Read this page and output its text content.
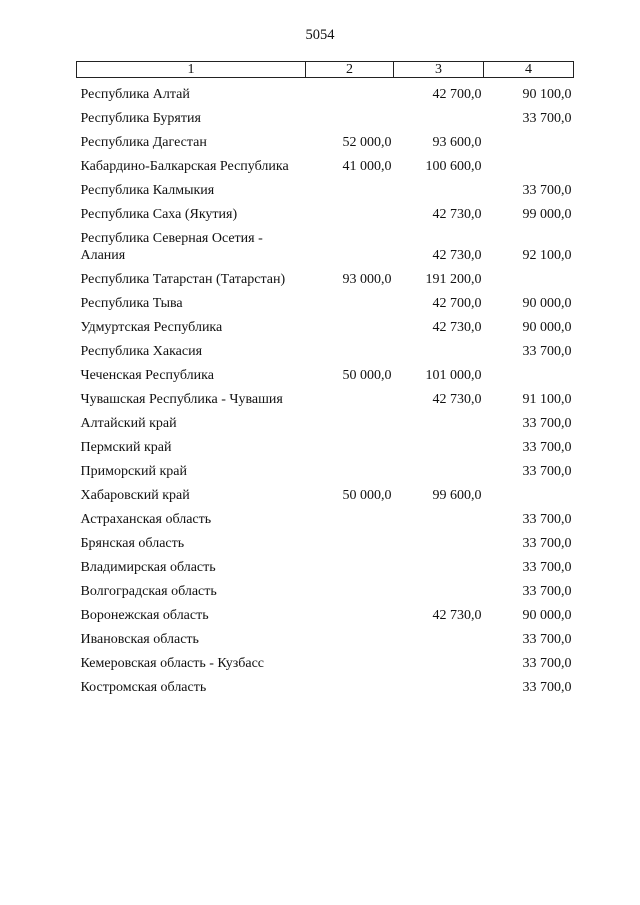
5054
1	2	3	4

Республика Алтай		42 700,0	90 100,0
Республика Бурятия			33 700,0
Республика Дагестан	52 000,0	93 600,0	
Кабардино-Балкарская Республика	41 000,0	100 600,0	
Республика Калмыкия			33 700,0
Республика Саха (Якутия)		42 730,0	99 000,0
Республика Северная Осетия - Алания		42 730,0	92 100,0
Республика Татарстан (Татарстан)	93 000,0	191 200,0	
Республика Тыва		42 700,0	90 000,0
Удмуртская Республика		42 730,0	90 000,0
Республика Хакасия			33 700,0
Чеченская Республика	50 000,0	101 000,0	
Чувашская Республика - Чувашия		42 730,0	91 100,0
Алтайский край			33 700,0
Пермский край			33 700,0
Приморский край			33 700,0
Хабаровский край	50 000,0	99 600,0	
Астраханская область			33 700,0
Брянская область			33 700,0
Владимирская область			33 700,0
Волгоградская область			33 700,0
Воронежская область		42 730,0	90 000,0
Ивановская область			33 700,0
Кемеровская область - Кузбасс			33 700,0
Костромская область			33 700,0
